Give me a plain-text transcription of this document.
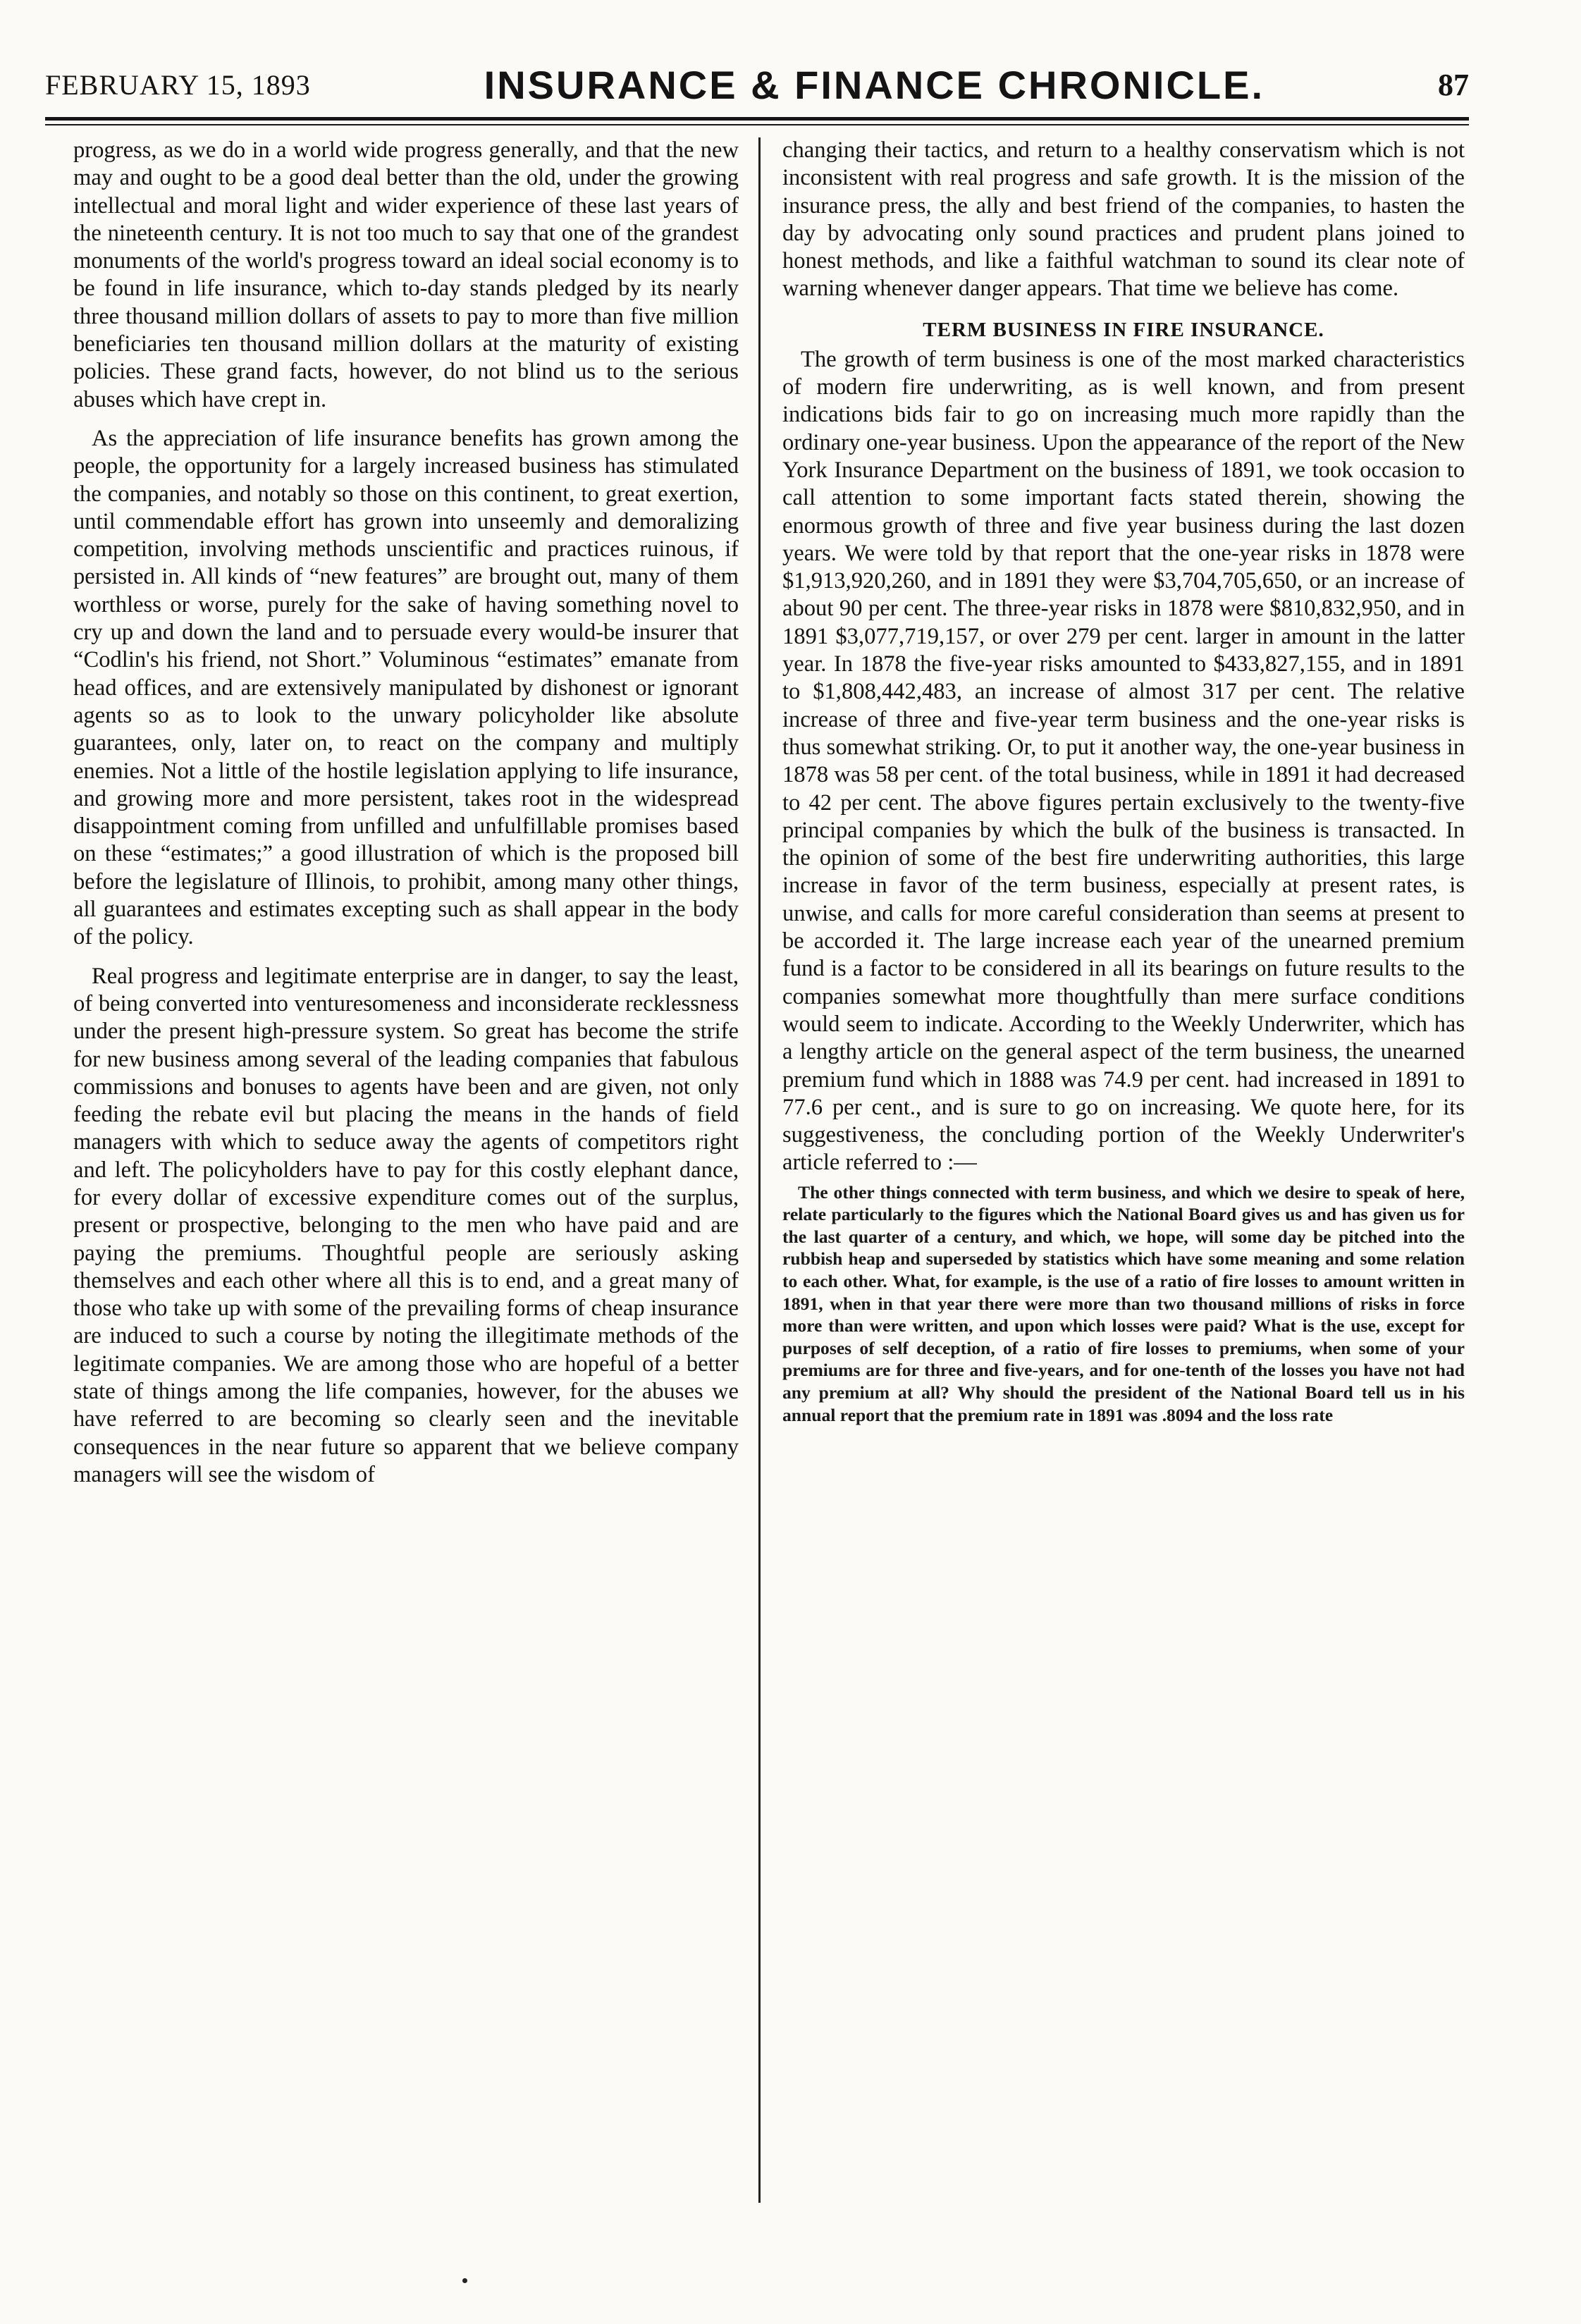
FEBRUARY 15, 1893	INSURANCE & FINANCE CHRONICLE.	87

progress, as we do in a world wide progress generally, and that the new may and ought to be a good deal better than the old, under the growing intellectual and moral light and wider experience of these last years of the nineteenth century. It is not too much to say that one of the grandest monuments of the world's progress toward an ideal social economy is to be found in life insurance, which to-day stands pledged by its nearly three thousand million dollars of assets to pay to more than five million beneficiaries ten thousand million dollars at the maturity of existing policies. These grand facts, however, do not blind us to the serious abuses which have crept in.

As the appreciation of life insurance benefits has grown among the people, the opportunity for a largely increased business has stimulated the companies, and notably so those on this continent, to great exertion, until commendable effort has grown into unseemly and demoralizing competition, involving methods unscientific and practices ruinous, if persisted in. All kinds of “new features” are brought out, many of them worthless or worse, purely for the sake of having something novel to cry up and down the land and to persuade every would-be insurer that “Codlin's his friend, not Short.” Voluminous “estimates” emanate from head offices, and are extensively manipulated by dishonest or ignorant agents so as to look to the unwary policyholder like absolute guarantees, only, later on, to react on the company and multiply enemies. Not a little of the hostile legislation applying to life insurance, and growing more and more persistent, takes root in the widespread disappointment coming from unfilled and unfulfillable promises based on these “estimates;” a good illustration of which is the proposed bill before the legislature of Illinois, to prohibit, among many other things, all guarantees and estimates excepting such as shall appear in the body of the policy.

Real progress and legitimate enterprise are in danger, to say the least, of being converted into venturesomeness and inconsiderate recklessness under the present high-pressure system. So great has become the strife for new business among several of the leading companies that fabulous commissions and bonuses to agents have been and are given, not only feeding the rebate evil but placing the means in the hands of field managers with which to seduce away the agents of competitors right and left. The policyholders have to pay for this costly elephant dance, for every dollar of excessive expenditure comes out of the surplus, present or prospective, belonging to the men who have paid and are paying the premiums. Thoughtful people are seriously asking themselves and each other where all this is to end, and a great many of those who take up with some of the prevailing forms of cheap insurance are induced to such a course by noting the illegitimate methods of the legitimate companies. We are among those who are hopeful of a better state of things among the life companies, however, for the abuses we have referred to are becoming so clearly seen and the inevitable consequences in the near future so apparent that we believe company managers will see the wisdom of

changing their tactics, and return to a healthy conservatism which is not inconsistent with real progress and safe growth. It is the mission of the insurance press, the ally and best friend of the companies, to hasten the day by advocating only sound practices and prudent plans joined to honest methods, and like a faithful watchman to sound its clear note of warning whenever danger appears. That time we believe has come.

TERM BUSINESS IN FIRE INSURANCE.

The growth of term business is one of the most marked characteristics of modern fire underwriting, as is well known, and from present indications bids fair to go on increasing much more rapidly than the ordinary one-year business. Upon the appearance of the report of the New York Insurance Department on the business of 1891, we took occasion to call attention to some important facts stated therein, showing the enormous growth of three and five year business during the last dozen years. We were told by that report that the one-year risks in 1878 were $1,913,920,260, and in 1891 they were $3,704,705,650, or an increase of about 90 per cent. The three-year risks in 1878 were $810,832,950, and in 1891 $3,077,719,157, or over 279 per cent. larger in amount in the latter year. In 1878 the five-year risks amounted to $433,827,155, and in 1891 to $1,808,442,483, an increase of almost 317 per cent. The relative increase of three and five-year term business and the one-year risks is thus somewhat striking. Or, to put it another way, the one-year business in 1878 was 58 per cent. of the total business, while in 1891 it had decreased to 42 per cent. The above figures pertain exclusively to the twenty-five principal companies by which the bulk of the business is transacted. In the opinion of some of the best fire underwriting authorities, this large increase in favor of the term business, especially at present rates, is unwise, and calls for more careful consideration than seems at present to be accorded it. The large increase each year of the unearned premium fund is a factor to be considered in all its bearings on future results to the companies somewhat more thoughtfully than mere surface conditions would seem to indicate. According to the Weekly Underwriter, which has a lengthy article on the general aspect of the term business, the unearned premium fund which in 1888 was 74.9 per cent. had increased in 1891 to 77.6 per cent., and is sure to go on increasing. We quote here, for its suggestiveness, the concluding portion of the Weekly Underwriter's article referred to :—

The other things connected with term business, and which we desire to speak of here, relate particularly to the figures which the National Board gives us and has given us for the last quarter of a century, and which, we hope, will some day be pitched into the rubbish heap and superseded by statistics which have some meaning and some relation to each other. What, for example, is the use of a ratio of fire losses to amount written in 1891, when in that year there were more than two thousand millions of risks in force more than were written, and upon which losses were paid? What is the use, except for purposes of self deception, of a ratio of fire losses to premiums, when some of your premiums are for three and five-years, and for one-tenth of the losses you have not had any premium at all? Why should the president of the National Board tell us in his annual report that the premium rate in 1891 was .8094 and the loss rate
